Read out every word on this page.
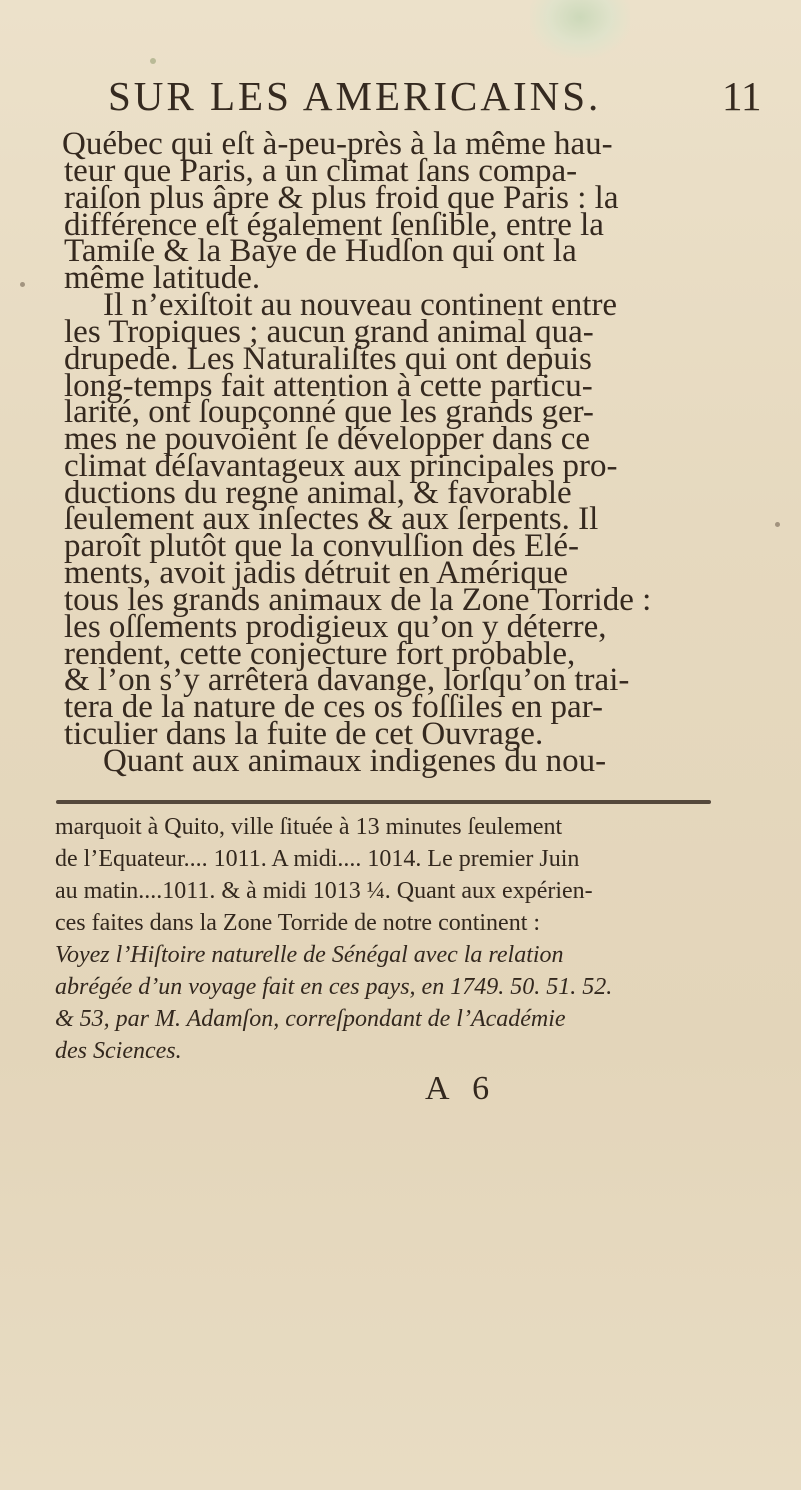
SUR LES AMERICAINS.	11
Québec qui eſt à-peu-près à la même hau-
teur que Paris, a un climat ſans compa-
raiſon plus âpre & plus froid que Paris : la
différence eſt également ſenſible, entre la
Tamiſe & la Baye de Hudſon qui ont la
même latitude.
Il n’exiſtoit au nouveau continent entre
les Tropiques ; aucun grand animal qua-
drupede. Les Naturaliſtes qui ont depuis
long-temps fait attention à cette particu-
larité, ont ſoupçonné que les grands ger-
mes ne pouvoient ſe développer dans ce
climat déſavantageux aux principales pro-
ductions du regne animal, & favorable
ſeulement aux inſectes & aux ſerpents. Il
paroît plutôt que la convulſion des Elé-
ments, avoit jadis détruit en Amérique
tous les grands animaux de la Zone Torride :
les oſſements prodigieux qu’on y déterre,
rendent, cette conjecture fort probable,
& l’on s’y arrêtera davange, lorſqu’on trai-
tera de la nature de ces os foſſiles en par-
ticulier dans la fuite de cet Ouvrage.
Quant aux animaux indigenes du nou-
marquoit à Quito, ville ſituée à 13 minutes ſeulement
de l’Equateur.... 1011. A midi.... 1014. Le premier Juin
au matin....1011. & à midi 1013 ¼. Quant aux expérien-
ces faites dans la Zone Torride de notre continent :
Voyez l’Hiſtoire naturelle de Sénégal avec la relation
abrégée d’un voyage fait en ces pays, en 1749. 50. 51. 52.
& 53, par M. Adamſon, correſpondant de l’Académie
des Sciences.
A 6
